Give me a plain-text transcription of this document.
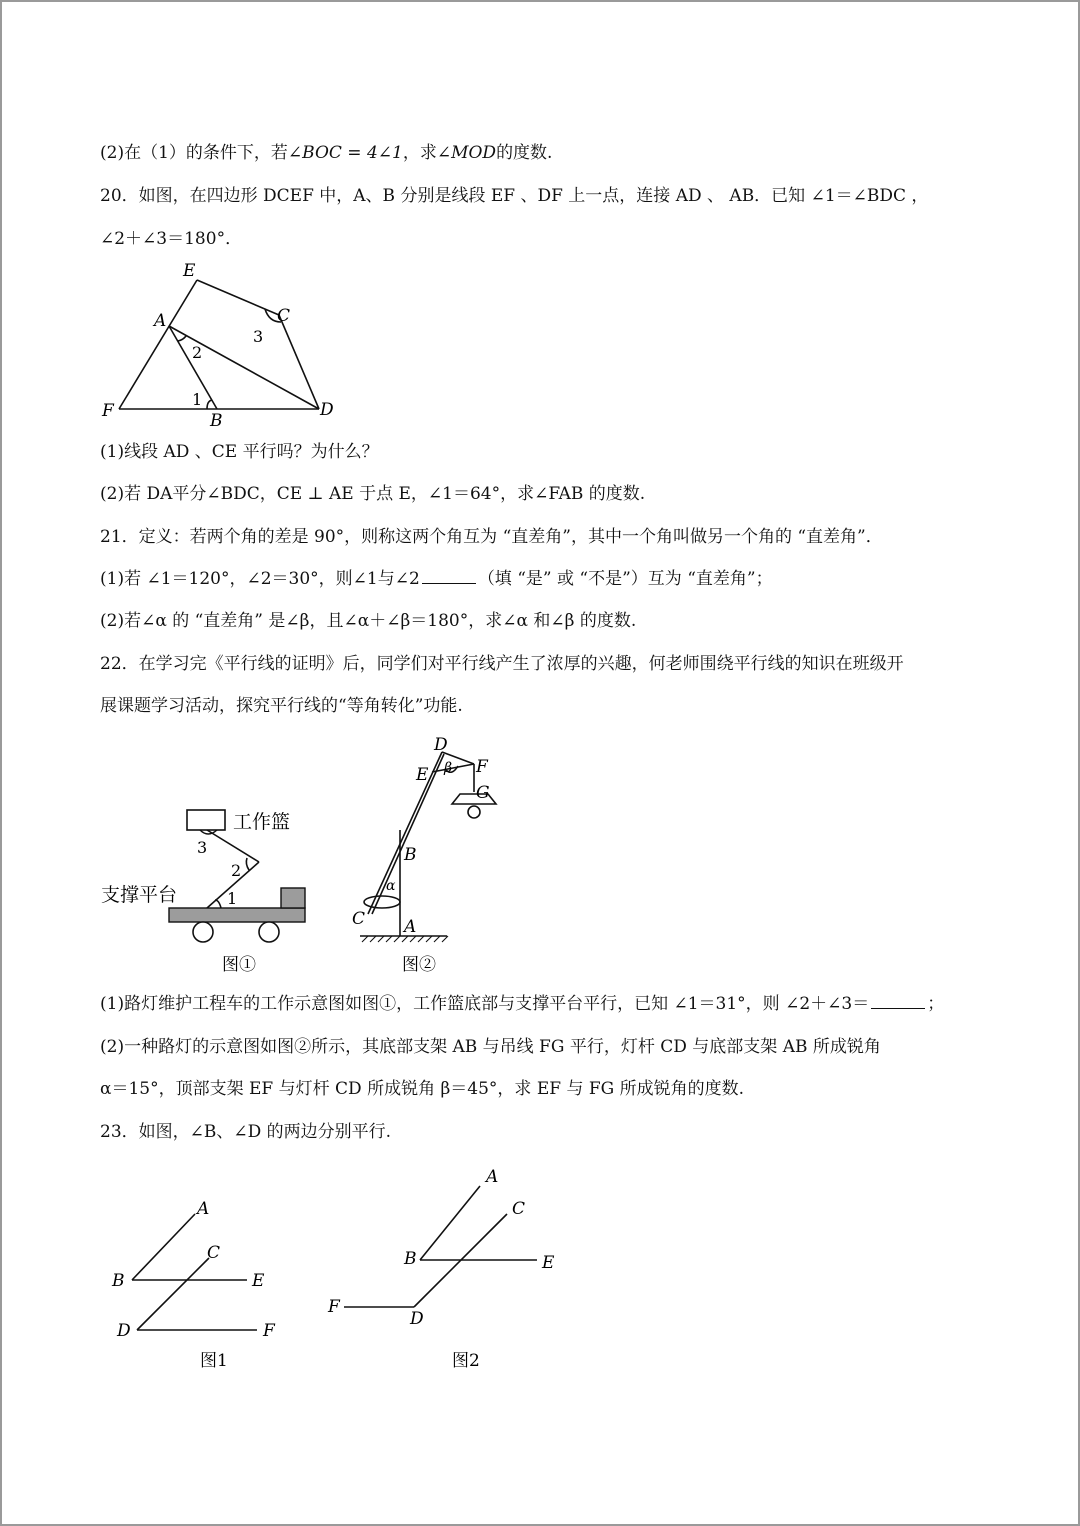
(2)在（1）的条件下，若∠BOC = 4∠1，求∠MOD的度数.
20．如图，在四边形 DCEF 中，A、B 分别是线段 EF 、DF 上一点，连接 AD 、 AB．已知 ∠1＝∠BDC ，
∠2＋∠3＝180°．
E
A	C
F	B
D
1
2
3
(1)线段 AD 、CE 平行吗？为什么？
(2)若 DA平分∠BDC，CE ⊥ AE 于点 E，∠1＝64°，求∠FAB 的度数.
21．定义：若两个角的差是 90°，则称这两个角互为 “直差角”，其中一个角叫做另一个角的 “直差角”．
(1)若 ∠1＝120°，∠2＝30°，则∠1与∠2	（填 “是” 或 “不是”）互为 “直差角”；
(2)若∠α 的 “直差角” 是∠β，且∠α＋∠β＝180°，求∠α 和∠β 的度数.
22．在学习完《平行线的证明》后，同学们对平行线产生了浓厚的兴趣，何老师围绕平行线的知识在班级开
展课题学习活动，探究平行线的“等角转化”功能.
工作篮
支撑平台
3
2
1
图①
D
E	F
G
β
B
α
C A
图②
(1)路灯维护工程车的工作示意图如图①，工作篮底部与支撑平台平行，已知 ∠1＝31°，则 ∠2＋∠3＝	；
(2)一种路灯的示意图如图②所示，其底部支架 AB 与吊线 FG 平行，灯杆 CD 与底部支架 AB 所成锐角
α＝15°，顶部支架 EF 与灯杆 CD 所成锐角 β＝45°，求 EF 与 FG 所成锐角的度数.
23．如图，∠B、∠D 的两边分别平行.
A
C
B	E
D	F
图1
A
C
B	E
F
D
图2
